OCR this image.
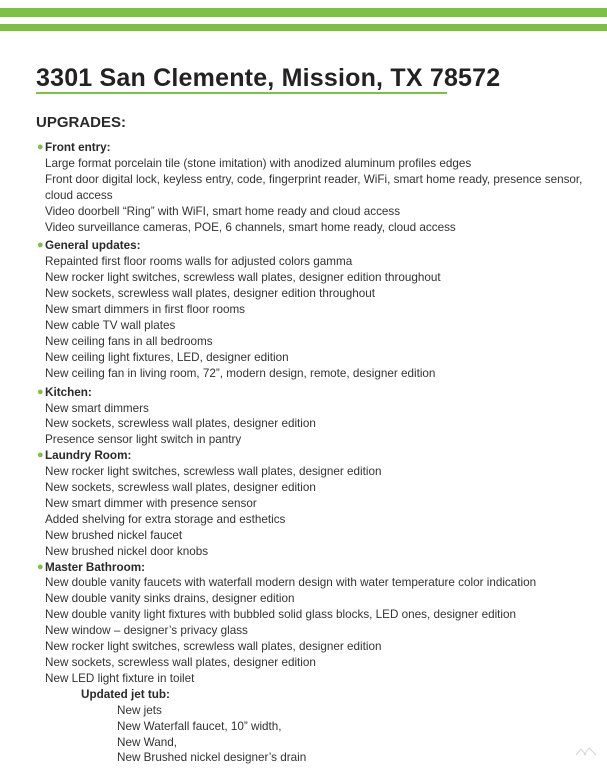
3301 San Clemente, Mission, TX 78572
UPGRADES:
● Front entry:
Large format porcelain tile (stone imitation) with anodized aluminum profiles edges
Front door digital lock, keyless entry, code, fingerprint reader, WiFi, smart home ready, presence sensor, cloud access
Video doorbell “Ring” with WiFI, smart home ready and cloud access
Video surveillance cameras, POE, 6 channels, smart home ready, cloud access
● General updates:
Repainted first floor rooms walls for adjusted colors gamma
New rocker light switches, screwless wall plates, designer edition throughout
New sockets, screwless wall plates, designer edition throughout
New smart dimmers in first floor rooms
New cable TV wall plates
New ceiling fans in all bedrooms
New ceiling light fixtures, LED, designer edition
New ceiling fan in living room, 72”, modern design, remote, designer edition
● Kitchen:
New smart dimmers
New sockets, screwless wall plates, designer edition
Presence sensor light switch in pantry
● Laundry Room:
New rocker light switches, screwless wall plates, designer edition
New sockets, screwless wall plates, designer edition
New smart dimmer with presence sensor
Added shelving for extra storage and esthetics
New brushed nickel faucet
New brushed nickel door knobs
● Master Bathroom:
New double vanity faucets with waterfall modern design with water temperature color indication
New double vanity sinks drains, designer edition
New double vanity light fixtures with bubbled solid glass blocks, LED ones, designer edition
New window – designer’s privacy glass
New rocker light switches, screwless wall plates, designer edition
New sockets, screwless wall plates, designer edition
New LED light fixture in toilet
Updated jet tub:
New jets
New Waterfall faucet, 10” width,
New Wand,
New Brushed nickel designer’s drain
